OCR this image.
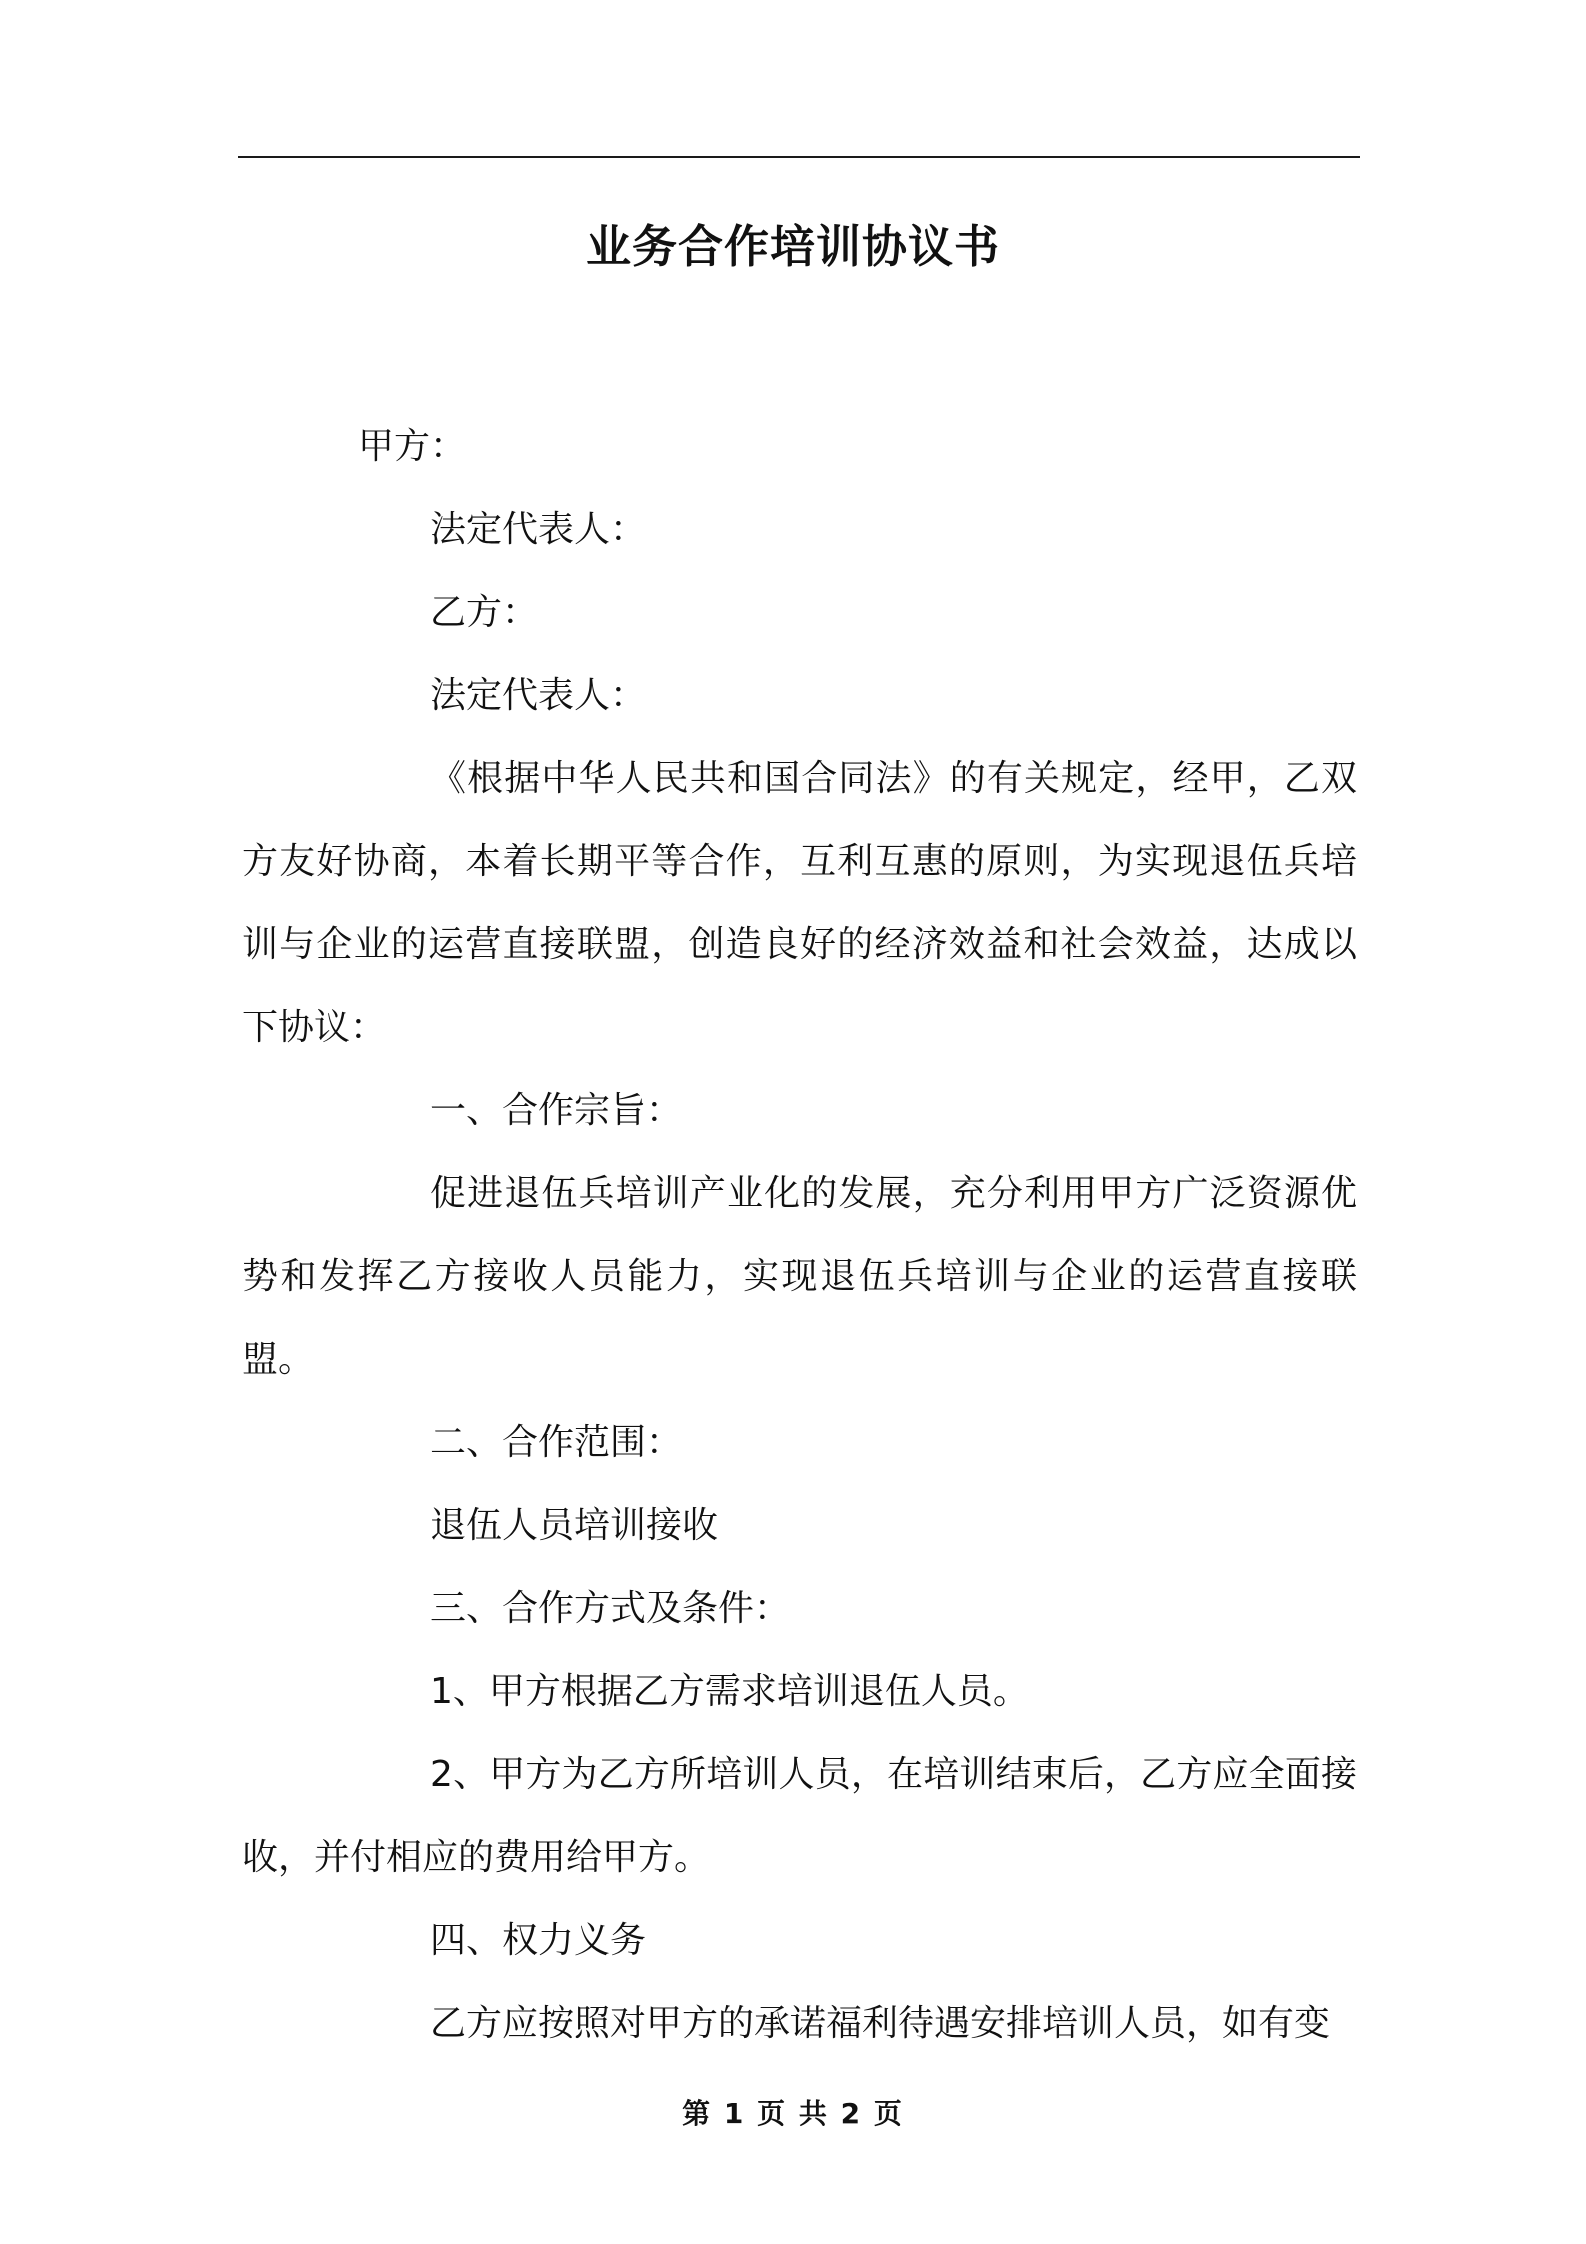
业务合作培训协议书

甲方：

法定代表人：

乙方：

法定代表人：

《根据中华人民共和国合同法》的有关规定，经甲，乙双方友好协商，本着长期平等合作，互利互惠的原则，为实现退伍兵培训与企业的运营直接联盟，创造良好的经济效益和社会效益，达成以下协议：

一、合作宗旨：

促进退伍兵培训产业化的发展，充分利用甲方广泛资源优势和发挥乙方接收人员能力，实现退伍兵培训与企业的运营直接联盟。

二、合作范围：

退伍人员培训接收

三、合作方式及条件：

1、甲方根据乙方需求培训退伍人员。

2、甲方为乙方所培训人员，在培训结束后，乙方应全面接收，并付相应的费用给甲方。

四、权力义务

乙方应按照对甲方的承诺福利待遇安排培训人员，如有变

第 1 页 共 2 页
